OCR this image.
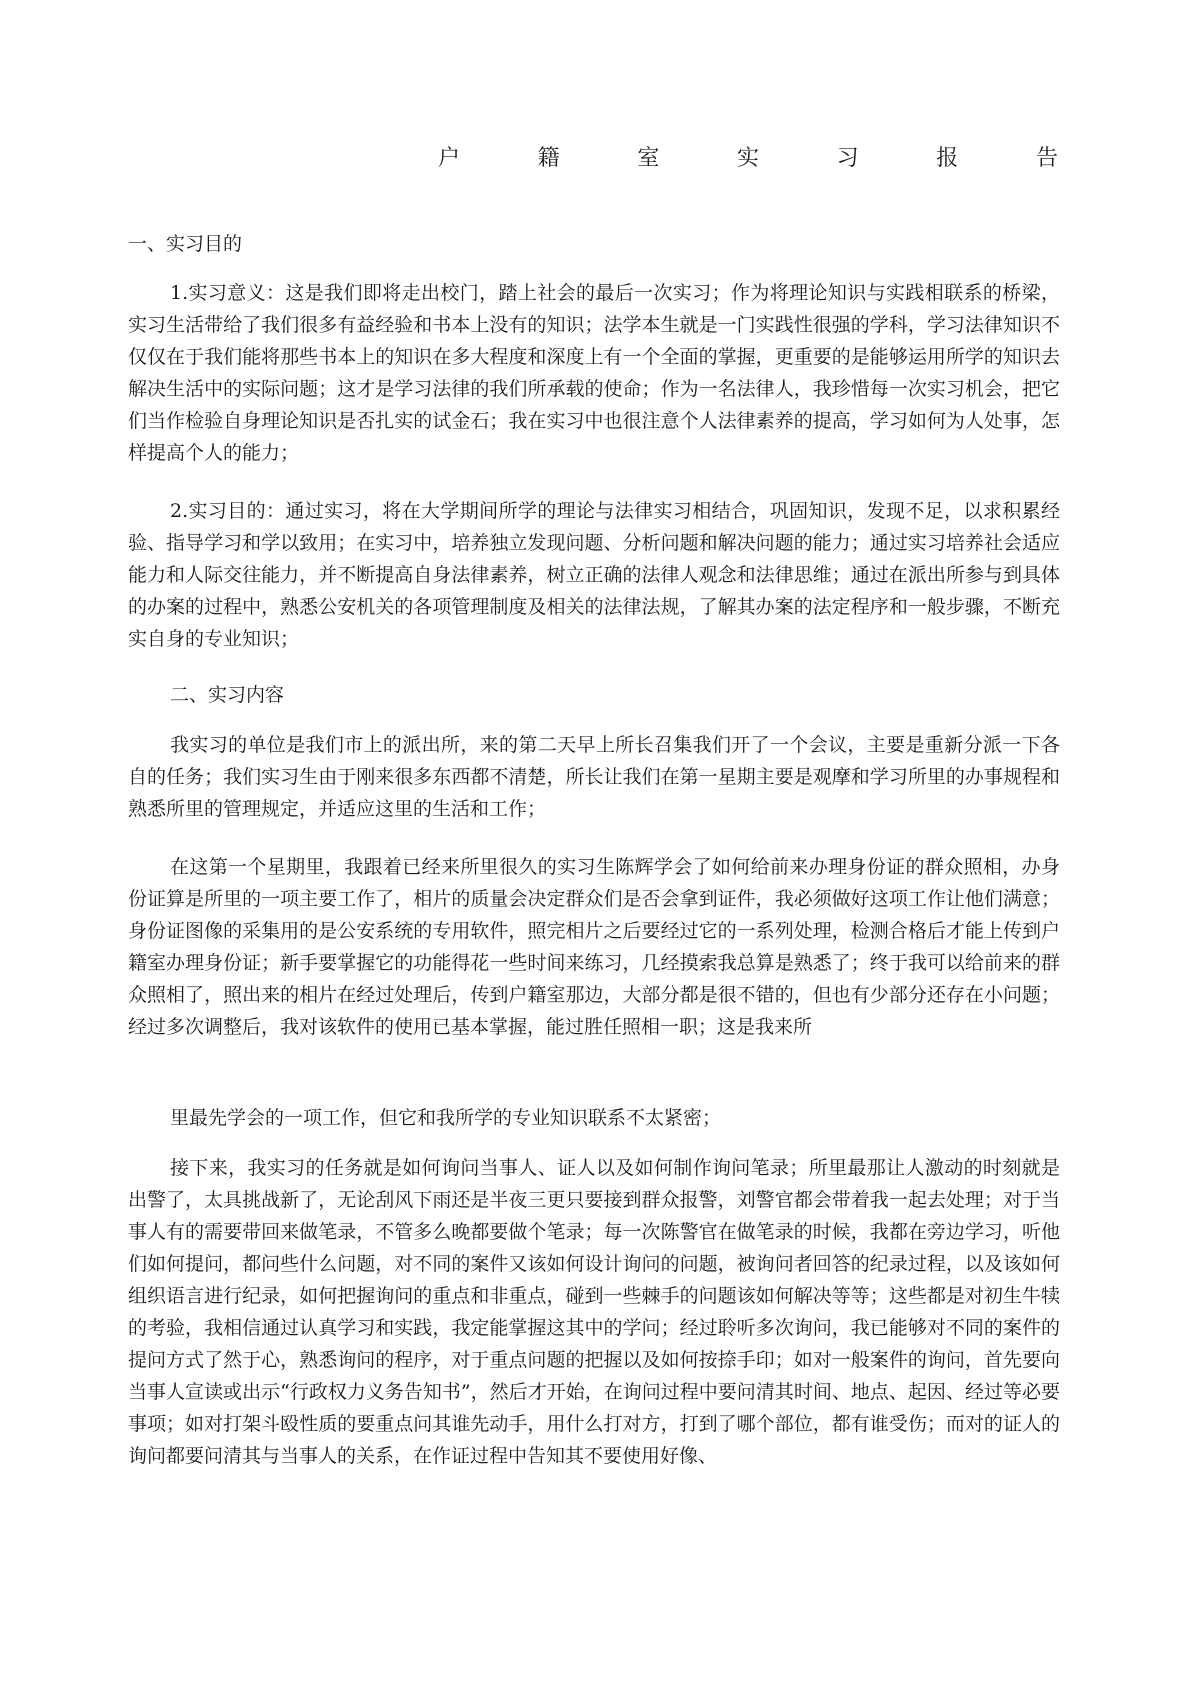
户	籍	室	实	习	报	告
一、实习目的
1.实习意义：这是我们即将走出校门，踏上社会的最后一次实习；作为将理论知识与实践相联系的桥梁，实习生活带给了我们很多有益经验和书本上没有的知识；法学本生就是一门实践性很强的学科，学习法律知识不仅仅在于我们能将那些书本上的知识在多大程度和深度上有一个全面的掌握，更重要的是能够运用所学的知识去解决生活中的实际问题；这才是学习法律的我们所承载的使命；作为一名法律人，我珍惜每一次实习机会，把它们当作检验自身理论知识是否扎实的试金石；我在实习中也很注意个人法律素养的提高，学习如何为人处事，怎样提高个人的能力；
2.实习目的：通过实习，将在大学期间所学的理论与法律实习相结合，巩固知识，发现不足，以求积累经验、指导学习和学以致用；在实习中，培养独立发现问题、分析问题和解决问题的能力；通过实习培养社会适应能力和人际交往能力，并不断提高自身法律素养，树立正确的法律人观念和法律思维；通过在派出所参与到具体的办案的过程中，熟悉公安机关的各项管理制度及相关的法律法规，了解其办案的法定程序和一般步骤，不断充实自身的专业知识；
二、实习内容
我实习的单位是我们市上的派出所，来的第二天早上所长召集我们开了一个会议，主要是重新分派一下各自的任务；我们实习生由于刚来很多东西都不清楚，所长让我们在第一星期主要是观摩和学习所里的办事规程和熟悉所里的管理规定，并适应这里的生活和工作；
在这第一个星期里，我跟着已经来所里很久的实习生陈辉学会了如何给前来办理身份证的群众照相，办身份证算是所里的一项主要工作了，相片的质量会决定群众们是否会拿到证件，我必须做好这项工作让他们满意；身份证图像的采集用的是公安系统的专用软件，照完相片之后要经过它的一系列处理，检测合格后才能上传到户籍室办理身份证；新手要掌握它的功能得花一些时间来练习，几经摸索我总算是熟悉了；终于我可以给前来的群众照相了，照出来的相片在经过处理后，传到户籍室那边，大部分都是很不错的，但也有少部分还存在小问题；经过多次调整后，我对该软件的使用已基本掌握，能过胜任照相一职；这是我来所
里最先学会的一项工作，但它和我所学的专业知识联系不太紧密；
接下来，我实习的任务就是如何询问当事人、证人以及如何制作询问笔录；所里最那让人激动的时刻就是出警了，太具挑战新了，无论刮风下雨还是半夜三更只要接到群众报警，刘警官都会带着我一起去处理；对于当事人有的需要带回来做笔录，不管多么晚都要做个笔录；每一次陈警官在做笔录的时候，我都在旁边学习，听他们如何提问，都问些什么问题，对不同的案件又该如何设计询问的问题，被询问者回答的纪录过程，以及该如何组织语言进行纪录，如何把握询问的重点和非重点，碰到一些棘手的问题该如何解决等等；这些都是对初生牛犊的考验，我相信通过认真学习和实践，我定能掌握这其中的学问；经过聆听多次询问，我已能够对不同的案件的提问方式了然于心，熟悉询问的程序，对于重点问题的把握以及如何按捺手印；如对一般案件的询问，首先要向当事人宣读或出示“行政权力义务告知书”，然后才开始，在询问过程中要问清其时间、地点、起因、经过等必要事项；如对打架斗殴性质的要重点问其谁先动手，用什么打对方，打到了哪个部位，都有谁受伤；而对的证人的询问都要问清其与当事人的关系，在作证过程中告知其不要使用好像、
